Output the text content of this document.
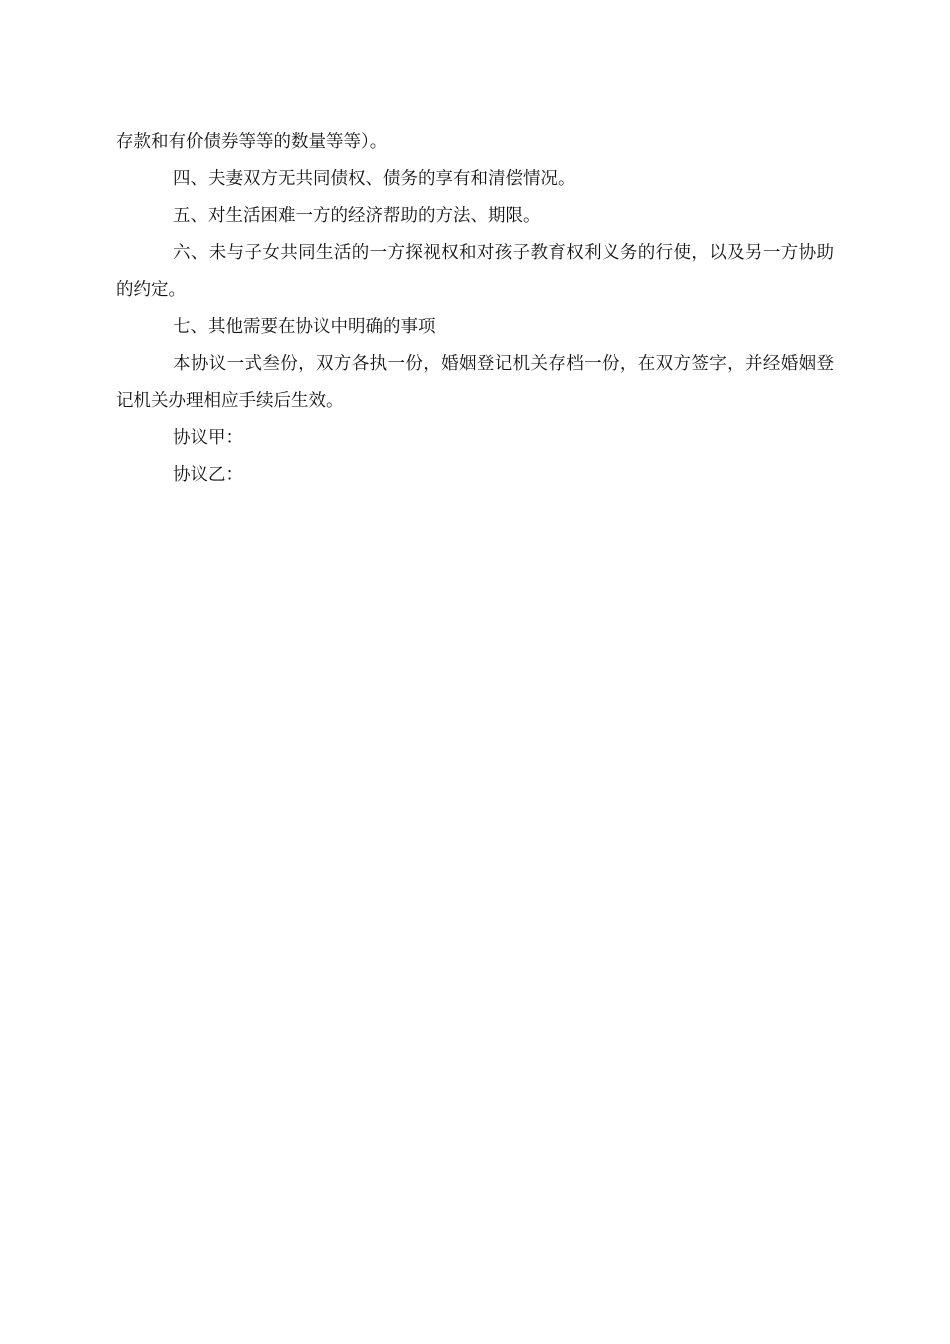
存款和有价债券等等的数量等等）。

四、夫妻双方无共同债权、债务的享有和清偿情况。

五、对生活困难一方的经济帮助的方法、期限。

六、未与子女共同生活的一方探视权和对孩子教育权利义务的行使，以及另一方协助的约定。

七、其他需要在协议中明确的事项

本协议一式叁份，双方各执一份，婚姻登记机关存档一份，在双方签字，并经婚姻登记机关办理相应手续后生效。

协议甲：

协议乙：
